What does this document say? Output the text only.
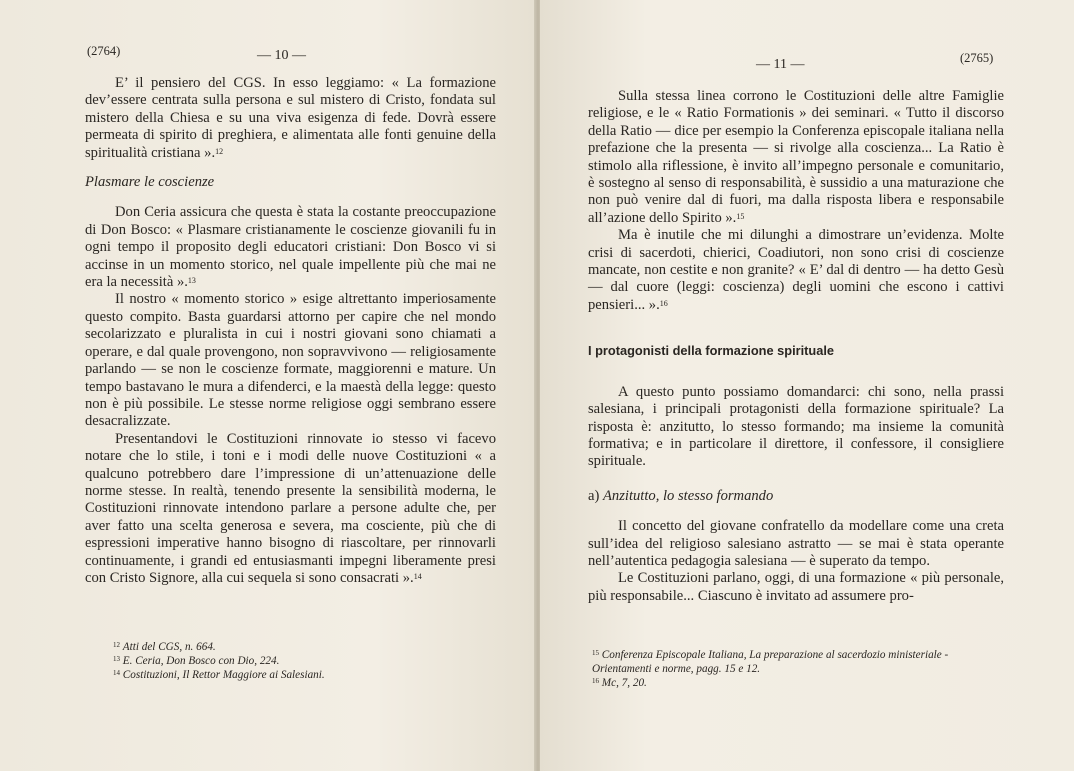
(2764)	— 10 —

E’ il pensiero del CGS. In esso leggiamo: « La formazione dev’essere centrata sulla persona e sul mistero di Cristo, fondata sul mistero della Chiesa e su una viva esigenza di fede. Dovrà essere permeata di spirito di preghiera, e alimentata alle fonti genuine della spiritualità cristiana ».$^{12}$

Plasmare le coscienze

Don Ceria assicura che questa è stata la costante preoccupazione di Don Bosco: « Plasmare cristianamente le coscienze giovanili fu in ogni tempo il proposito degli educatori cristiani: Don Bosco vi si accinse in un momento storico, nel quale impellente più che mai ne era la necessità ».$^{13}$

Il nostro « momento storico » esige altrettanto imperiosamente questo compito. Basta guardarsi attorno per capire che nel mondo secolarizzato e pluralista in cui i nostri giovani sono chiamati a operare, e dal quale provengono, non sopravvivono — religiosamente parlando — se non le coscienze formate, maggiorenni e mature. Un tempo bastavano le mura a difenderci, e la maestà della legge: questo non è più possibile. Le stesse norme religiose oggi sembrano essere desacralizzate.

Presentandovi le Costituzioni rinnovate io stesso vi facevo notare che lo stile, i toni e i modi delle nuove Costituzioni « a qualcuno potrebbero dare l’impressione di un’attenuazione delle norme stesse. In realtà, tenendo presente la sensibilità moderna, le Costituzioni rinnovate intendono parlare a persone adulte che, per aver fatto una scelta generosa e severa, ma cosciente, più che di espressioni imperative hanno bisogno di riascoltare, per rinnovarli continuamente, i grandi ed entusiasmanti impegni liberamente presi con Cristo Signore, alla cui sequela si sono consacrati ».$^{14}$

$^{12}$ Atti del CGS, n. 664.

$^{13}$ E. Ceria, Don Bosco con Dio, 224.

$^{14}$ Costituzioni, Il Rettor Maggiore ai Salesiani.

— 11 —	(2765)

Sulla stessa linea corrono le Costituzioni delle altre Famiglie religiose, e le « Ratio Formationis » dei seminari. « Tutto il discorso della Ratio — dice per esempio la Conferenza episcopale italiana nella prefazione che la presenta — si rivolge alla coscienza... La Ratio è stimolo alla riflessione, è invito all’impegno personale e comunitario, è sostegno al senso di responsabilità, è sussidio a una maturazione che non può venire dal di fuori, ma dalla risposta libera e responsabile all’azione dello Spirito ».$^{15}$

Ma è inutile che mi dilunghi a dimostrare un’evidenza. Molte crisi di sacerdoti, chierici, Coadiutori, non sono crisi di coscienze mancate, non cestite e non granite? « E’ dal di dentro — ha detto Gesù — dal cuore (leggi: coscienza) degli uomini che escono i cattivi pensieri... ».$^{16}$

I protagonisti della formazione spirituale

A questo punto possiamo domandarci: chi sono, nella prassi salesiana, i principali protagonisti della formazione spirituale? La risposta è: anzitutto, lo stesso formando; ma insieme la comunità formativa; e in particolare il direttore, il confessore, il consigliere spirituale.

a) Anzitutto, lo stesso formando

Il concetto del giovane confratello da modellare come una creta sull’idea del religioso salesiano astratto — se mai è stata operante nell’autentica pedagogia salesiana — è superato da tempo.

Le Costituzioni parlano, oggi, di una formazione « più personale, più responsabile... Ciascuno è invitato ad assumere pro-

$^{15}$ Conferenza Episcopale Italiana, La preparazione al sacerdozio ministeriale - Orientamenti e norme, pagg. 15 e 12.

$^{16}$ Mc, 7, 20.
